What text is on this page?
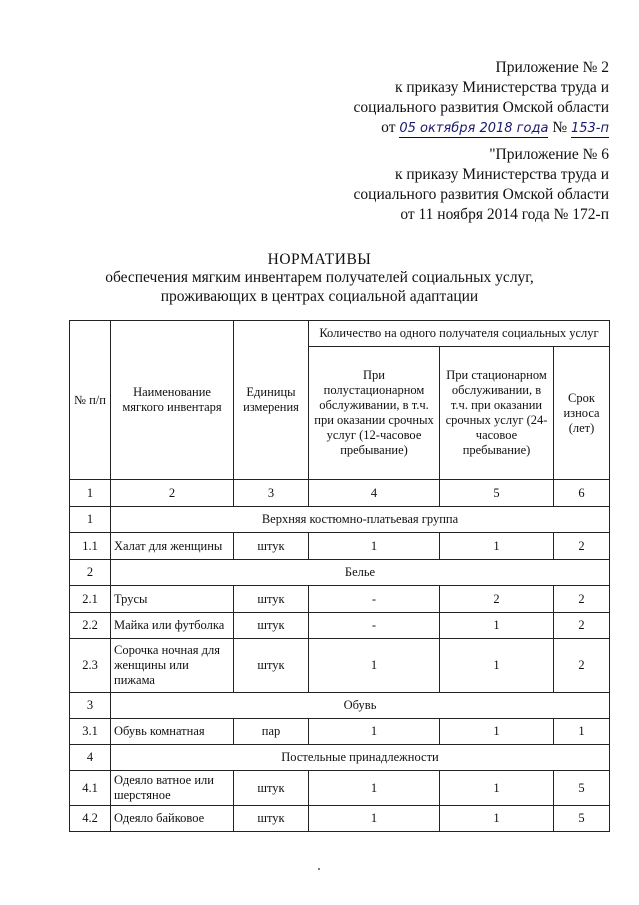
Приложение № 2
к приказу Министерства труда и
социального развития Омской области
от 05 октября 2018 года № 153-п
"Приложение № 6
к приказу Министерства труда и
социального развития Омской области
от 11 ноября 2014 года № 172-п
НОРМАТИВЫ
обеспечения мягким инвентарем получателей социальных услуг,
проживающих в центрах социальной адаптации
№ п/п	Наименование мягкого инвентаря	Единицы измерения	Количество на одного получателя социальных услуг		
			При полустационарном обслуживании, в т.ч. при оказании срочных услуг (12-часовое пребывание)	При стационарном обслуживании, в т.ч. при оказании срочных услуг (24-часовое пребывание)	Срок износа (лет)
1	2	3	4	5	6
1	Верхняя костюмно-платьевая группа				
1.1	Халат для женщины	штук	1	1	2
2	Белье				
2.1	Трусы	штук	-	2	2
2.2	Майка или футболка	штук	-	1	2
2.3	Сорочка ночная для женщины или пижама	штук	1	1	2
3	Обувь				
3.1	Обувь комнатная	пар	1	1	1
4	Постельные принадлежности				
4.1	Одеяло ватное или шерстяное	штук	1	1	5
4.2	Одеяло байковое	штук	1	1	5
